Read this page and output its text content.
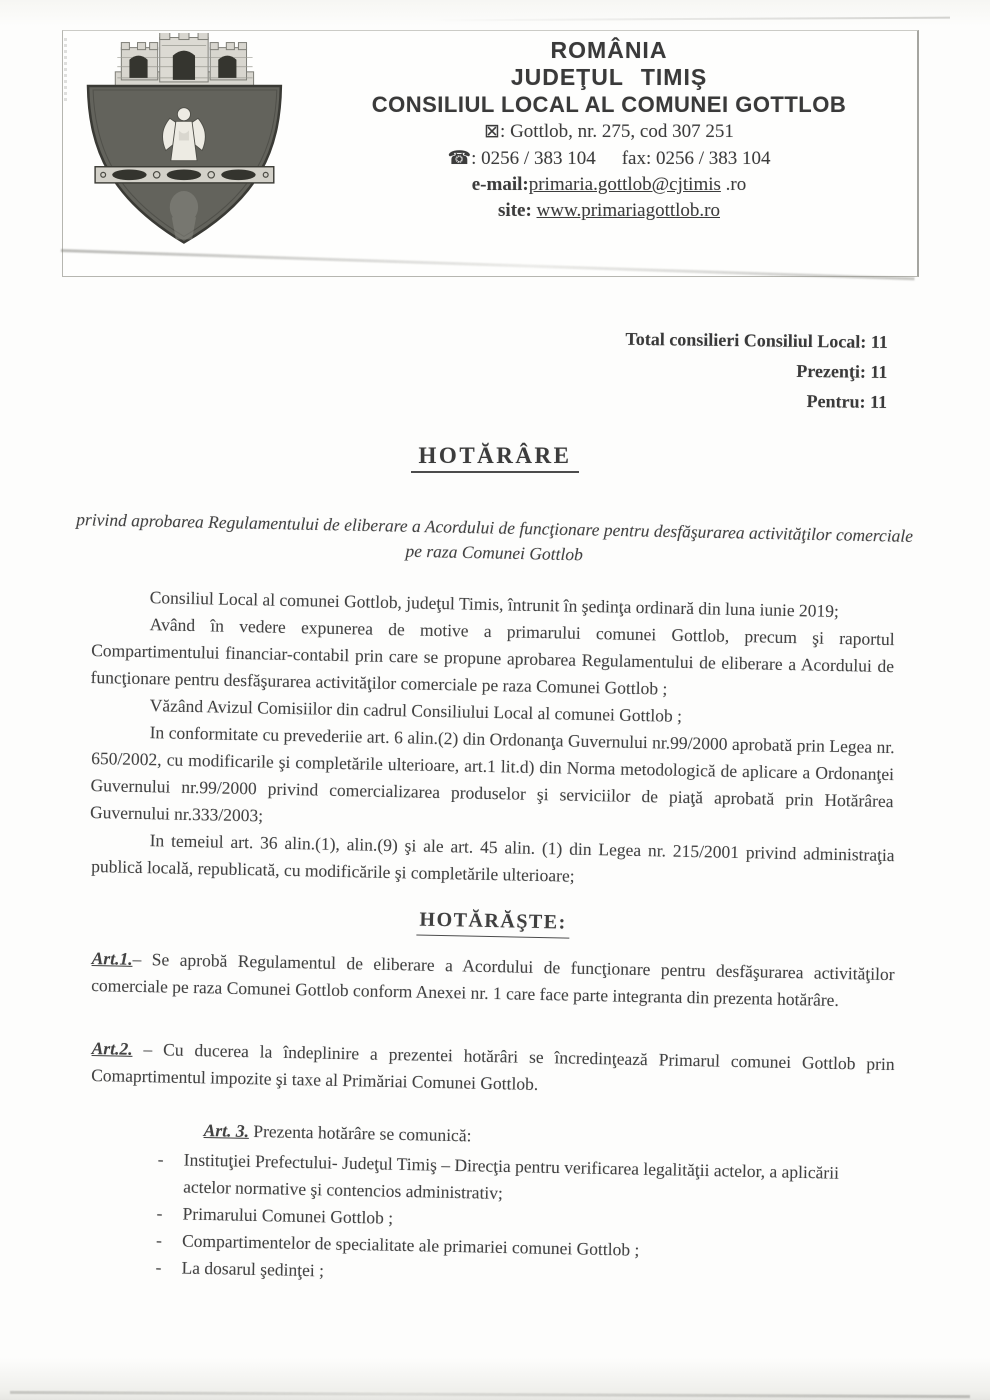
ROMÂNIA
JUDEŢUL TIMIŞ
CONSILIUL LOCAL AL COMUNEI GOTTLOB
⊠: Gottlob, nr. 275, cod 307 251
☎: 0256 / 383 104 fax: 0256 / 383 104
e-mail:primaria.gottlob@cjtimis .ro
site: www.primariagottlob.ro
Total consilieri Consiliul Local: 11
Prezenţi: 11
Pentru: 11
HOTĂRÂRE
privind aprobarea Regulamentului de eliberare a Acordului de funcţionare pentru desfăşurarea activităţilor comerciale pe raza Comunei Gottlob

Consiliul Local al comunei Gottlob, judeţul Timis, întrunit în şedinţa ordinară din luna iunie 2019;

Având în vedere expunerea de motive a primarului comunei Gottlob, precum şi raportul Compartimentului financiar-contabil prin care se propune aprobarea Regulamentului de eliberare a Acordului de funcţionare pentru desfăşurarea activităţilor comerciale pe raza Comunei Gottlob ;

Văzând Avizul Comisiilor din cadrul Consiliului Local al comunei Gottlob ;

In conformitate cu prevederiie art. 6 alin.(2) din Ordonanţa Guvernului nr.99/2000 aprobată prin Legea nr. 650/2002, cu modificarile şi completările ulterioare, art.1 lit.d) din Norma metodologică de aplicare a Ordonanţei Guvernului nr.99/2000 privind comercializarea produselor şi serviciilor de piaţă aprobată prin Hotărârea Guvernului nr.333/2003;

In temeiul art. 36 alin.(1), alin.(9) şi ale art. 45 alin. (1) din Legea nr. 215/2001 privind administraţia publică locală, republicată, cu modificările şi completările ulterioare;

HOTĂRĂŞTE:

Art.1.– Se aprobă Regulamentul de eliberare a Acordului de funcţionare pentru desfăşurarea activităţilor comerciale pe raza Comunei Gottlob conform Anexei nr. 1 care face parte integranta din prezenta hotărâre.

Art.2. – Cu ducerea la îndeplinire a prezentei hotărâri se încredinţează Primarul comunei Gottlob prin Comaprtimentul impozite şi taxe al Primăriai Comunei Gottlob.

Art. 3. Prezenta hotărâre se comunică:

- Instituţiei Prefectului- Judeţul Timiş – Direcţia pentru verificarea legalităţii actelor, a aplicării actelor normative şi contencios administrativ;
- Primarului Comunei Gottlob ;
- Compartimentelor de specialitate ale primariei comunei Gottlob ;
- La dosarul şedinţei ;
